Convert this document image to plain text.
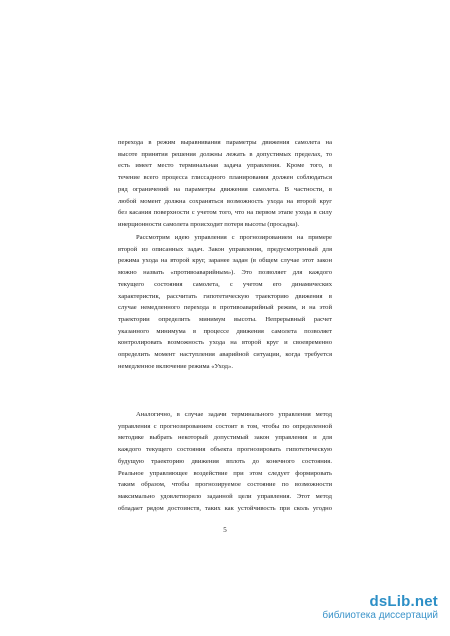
перехода в режим выравнивания параметры движения самолета на
высоте принятия решения должны лежать в допустимых пределах, то
есть имеет место терминальная задача управления. Кроме того, в
течение всего процесса глиссадного планирования должен соблюдаться
ряд ограничений на параметры движения самолета. В частности, в
любой момент должна сохраняться возможность ухода на второй круг
без касания поверхности с учетом того, что на первом этапе ухода в силу
инерционности самолета происходит потеря высоты (просадка).
Рассмотрим идею управления с прогнозированием на примере
второй из описанных задач. Закон управления, предусмотренный для
режима ухода на второй круг, заранее задан (в общем случае этот закон
можно назвать «противоаварийным»). Это позволяет для каждого
текущего состояния самолета, с учетом его динамических
характеристик, рассчитать гипотетическую траекторию движения в
случае немедленного перехода в противоаварийный режим, и на этой
траектории определить минимум высоты. Непрерывный расчет
указанного минимума в процессе движения самолета позволяет
контролировать возможность ухода на второй круг и своевременно
определить момент наступления аварийной ситуации, когда требуется
немедленное включение режима «Уход».
Аналогично, в случае задачи терминального управления метод
управления с прогнозированием состоит в том, чтобы по определенной
методике выбрать некоторый допустимый закон управления и для
каждого текущего состояния объекта прогнозировать гипотетическую
будущую траекторию движения вплоть до конечного состояния.
Реальное управляющее воздействие при этом следует формировать
таким образом, чтобы прогнозируемое состояние по возможности
максимально удовлетворяло заданной цели управления. Этот метод
обладает рядом достоинств, таких как устойчивость при сколь угодно
5
dsLib.net
библиотека диссертаций
